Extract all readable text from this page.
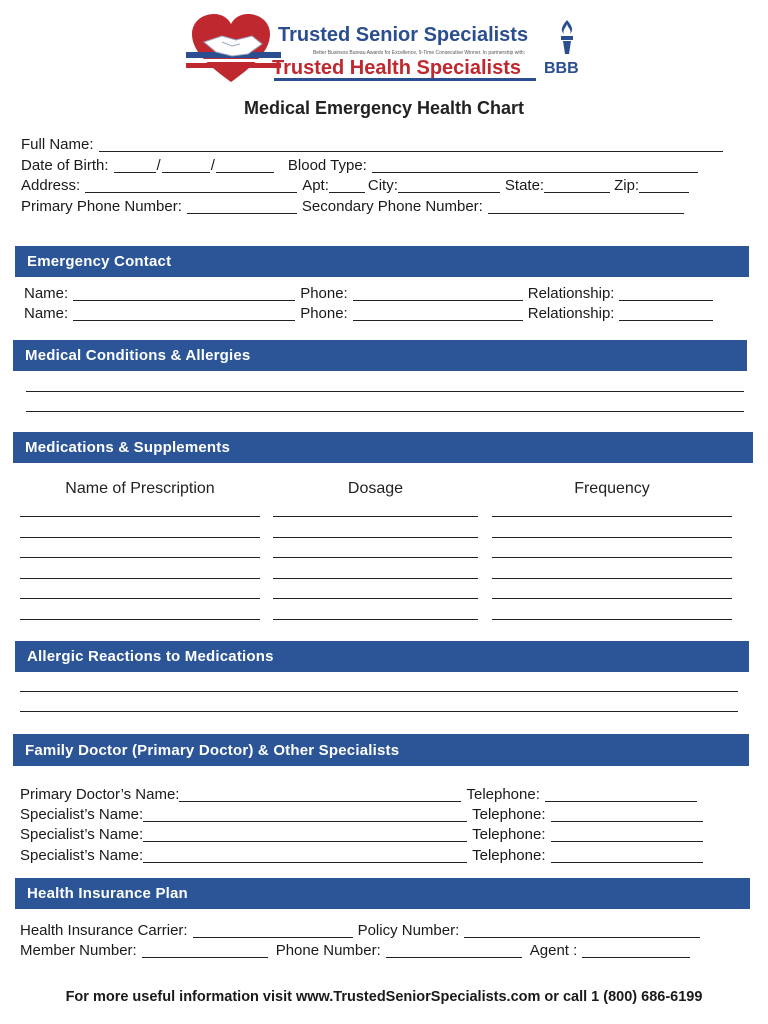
Trusted Senior Specialists
Better Business Bureau Awards for Excellence, 9-Time Consecutive Winner. In partnership with:
Trusted Health Specialists BBB
Medical Emergency Health Chart
Full Name:
Date of Birth:	/	/	Blood Type:
Address:	Apt:	City:	State:	Zip:
Primary Phone Number:	Secondary Phone Number:
Emergency Contact
Name:	Phone:	Relationship:
Name:	Phone:	Relationship:
Medical Conditions & Allergies
Medications & Supplements
Name of Prescription	Dosage	Frequency
Allergic Reactions to Medications
Family Doctor (Primary Doctor) & Other Specialists
Primary Doctor’s Name:	Telephone:
Specialist’s Name:	Telephone:
Specialist’s Name:	Telephone:
Specialist’s Name:	Telephone:
Health Insurance Plan
Health Insurance Carrier:	Policy Number:
Member Number:	Phone Number:	Agent :
For more useful information visit www.TrustedSeniorSpecialists.com or call 1 (800) 686-6199
